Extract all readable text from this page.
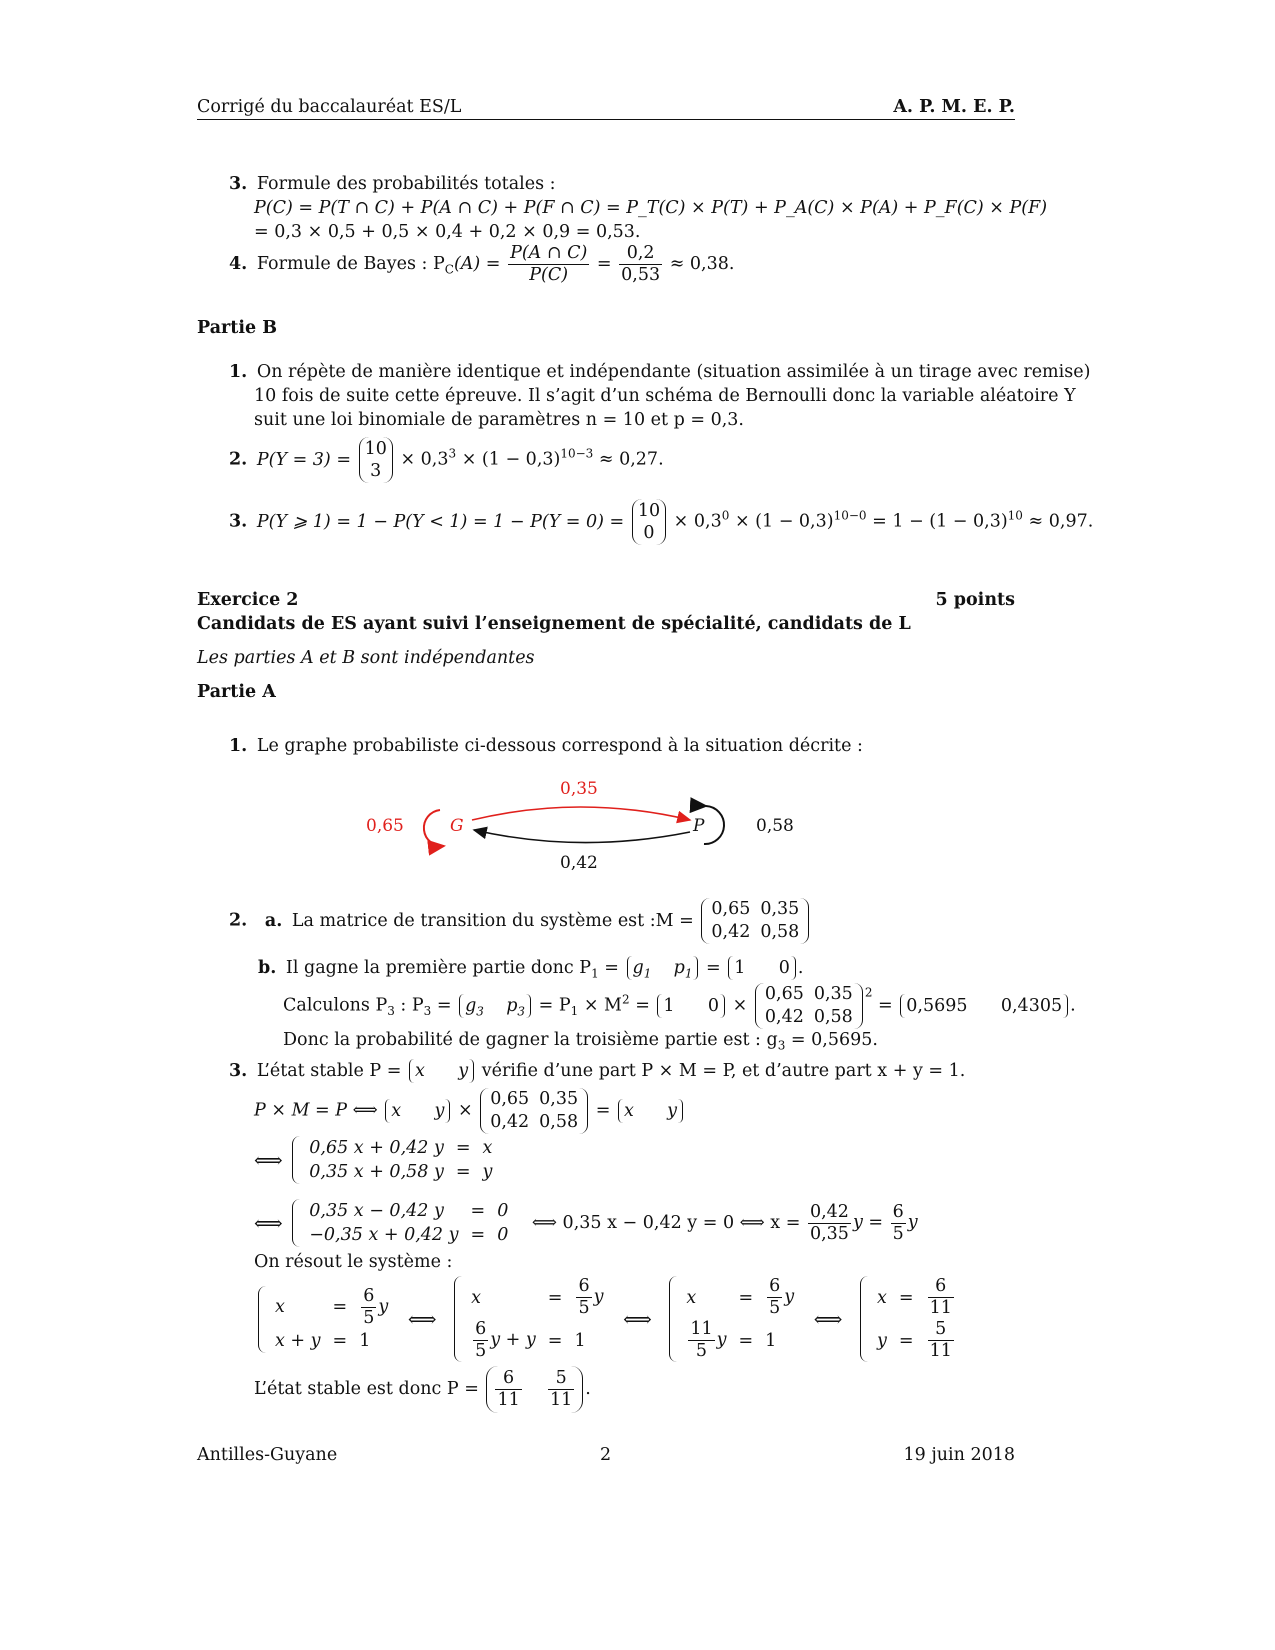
Corrigé du baccalauréat ES/L	A. P. M. E. P.
3. Formule des probabilités totales :
P(C) = P(T ∩ C) + P(A ∩ C) + P(F ∩ C) = P_T(C) × P(T) + P_A(C) × P(A) + P_F(C) × P(F)
= 0,3 × 0,5 + 0,5 × 0,4 + 0,2 × 0,9 = 0,53.
4. Formule de Bayes : $P_C(A) = \frac{P(A \cap C)}{P(C)} = \frac{0,2}{0,53} \approx 0,38$.
Partie B
1. On répète de manière identique et indépendante (situation assimilée à un tirage avec remise)
10 fois de suite cette épreuve. Il s’agit d’un schéma de Bernoulli donc la variable aléatoire Y
suit une loi binomiale de paramètres n = 10 et p = 0,3.
2. P(Y = 3) =
10
3
× $0,3^3 \times (1 - 0,3)^{10-3} \approx 0,27$.
3. P(Y ⩾ 1) = 1 − P(Y < 1) = 1 − P(Y = 0) =
10
0
× $0,3^0 \times (1 - 0,3)^{10-0} = 1 - (1 - 0,3)^{10} \approx 0,97$.
Exercice 2	5 points
Candidats de ES ayant suivi l’enseignement de spécialité, candidats de L
Les parties A et B sont indépendantes
Partie A
1. Le graphe probabiliste ci-dessous correspond à la situation décrite :
G	P
0,65	0,58
0,35
0,42
2. a. La matrice de transition du système est :M =
0,65	0,35
0,42	0,58
b. Il gagne la première partie donc $P_1 = g_1$ $p_1 = 1$      0 .
Calculons $P_3$ : $P_3 = g_3$ $p_3 = P_1 \times M^2 = 1$      0 ×
0,65	0,35
0,42	0,58
$^2$ = 0,5695      0,4305 .
Donc la probabilité de gagner la troisième partie est : $g_3 = 0,5695$.
3. L’état stable P = x      y vérifie d’une part P × M = P, et d’autre part x + y = 1.
P × M = P ⟺ x      y ×
0,65	0,35
0,42	0,58
= x      y
⟺ 0,65 x + 0,42 y	=	x
0,35 x + 0,58 y	=	y
⟺ 0,35 x − 0,42 y	=	0
−0,35 x + 0,42 y	=	0
⟺ 0,35 x − 0,42 y = 0 ⟺ $x = \frac{0,42}{0,35}$ $y = \frac{6}{5}$ y
On résout le système :
x	=	$\frac{6}{5}$ y
x + y	=	1
⟺
x	=	$\frac{6}{5}$ y

$\frac{6}{5}$ y + y	=	1
⟺
x	=	$\frac{6}{5}$ y

$\frac{11}{5}$ y	=	1
⟺
x	=	$\frac{6}{11}$

y	=	$\frac{5}{11}$
L’état stable est donc $P = \frac{6}{11}$
$\frac{5}{11}$ .
Antilles-Guyane	2	19 juin 2018
